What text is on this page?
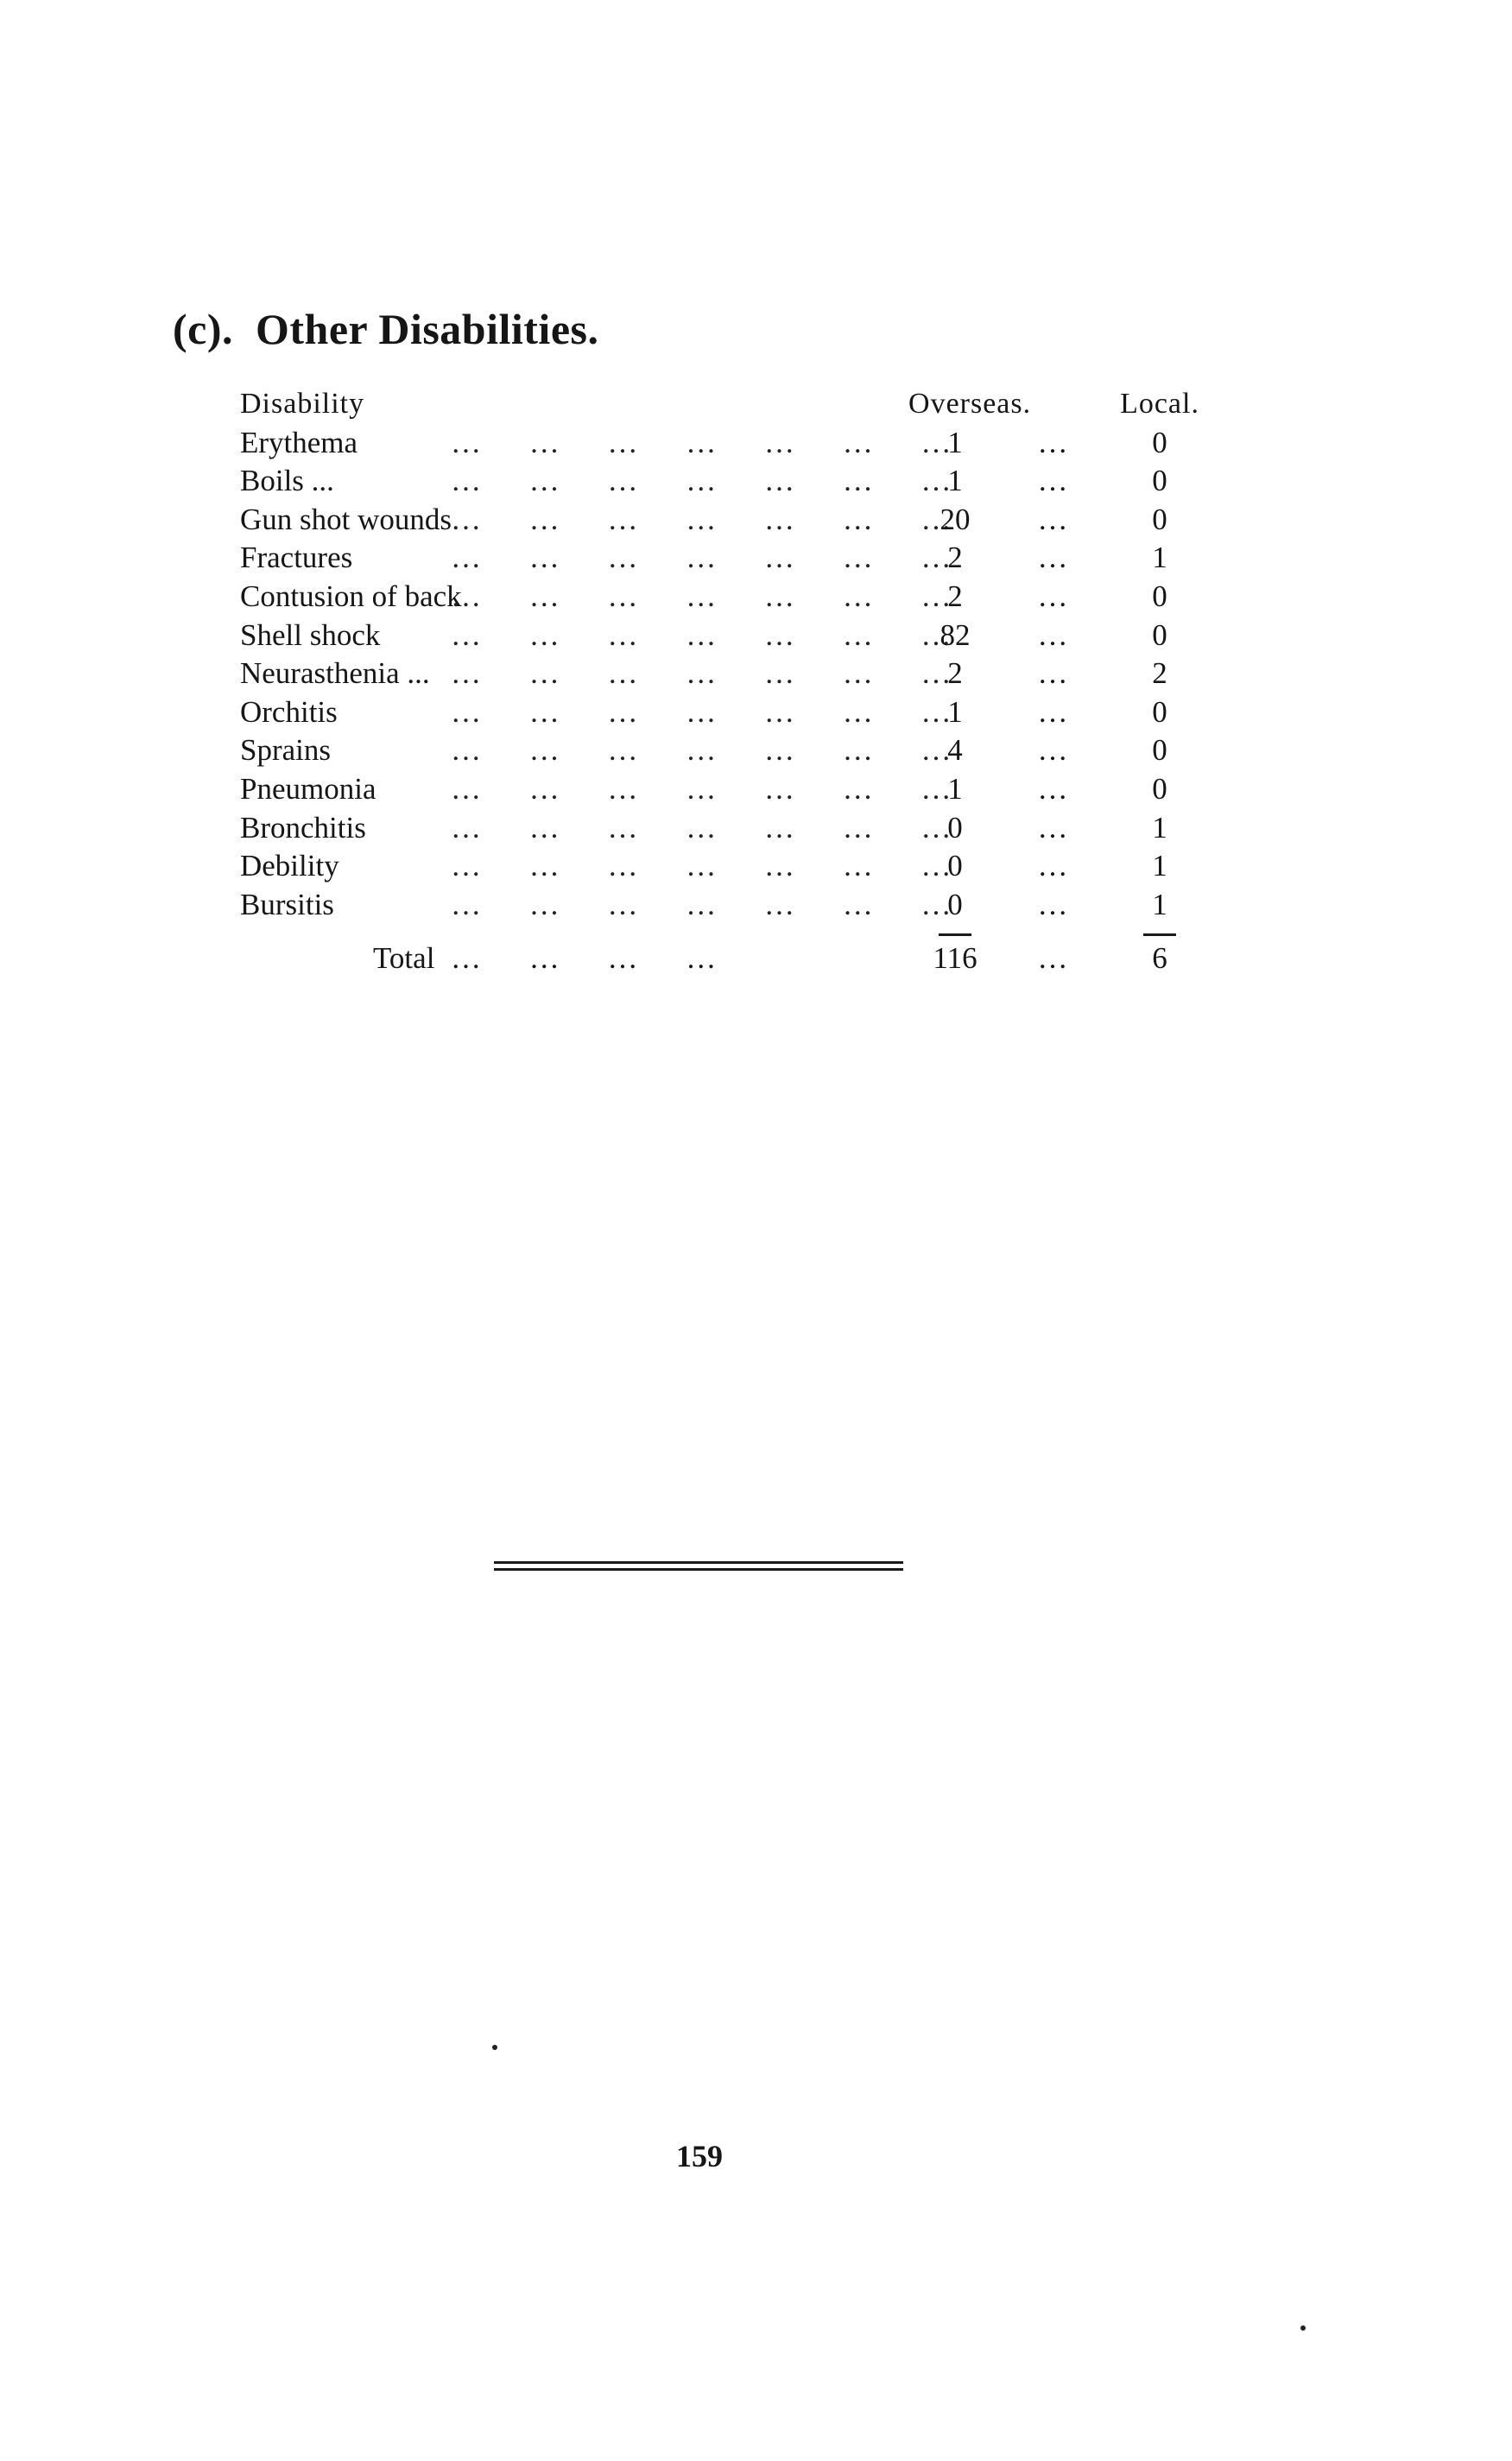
(c). Other Disabilities.
Disability		Overseas.		Local.
Erythema	…     …     …     …     …     …     …	1	…	0
Boils ...	…     …     …     …     …     …     …	1	…	0
Gun shot wounds	…     …     …     …     …     …     …	20	…	0
Fractures	…     …     …     …     …     …     …	2	…	1
Contusion of back	…     …     …     …     …     …     …	2	…	0
Shell shock	…     …     …     …     …     …     …	82	…	0
Neurasthenia ...	…     …     …     …     …     …     …	2	…	2
Orchitis	…     …     …     …     …     …     …	1	…	0
Sprains	…     …     …     …     …     …     …	4	…	0
Pneumonia	…     …     …     …     …     …     …	1	…	0
Bronchitis	…     …     …     …     …     …     …	0	…	1
Debility	…     …     …     …     …     …     …	0	…	1
Bursitis	…     …     …     …     …     …     …	0	…	1

Total	…     …     …     …	116	…	6
159
